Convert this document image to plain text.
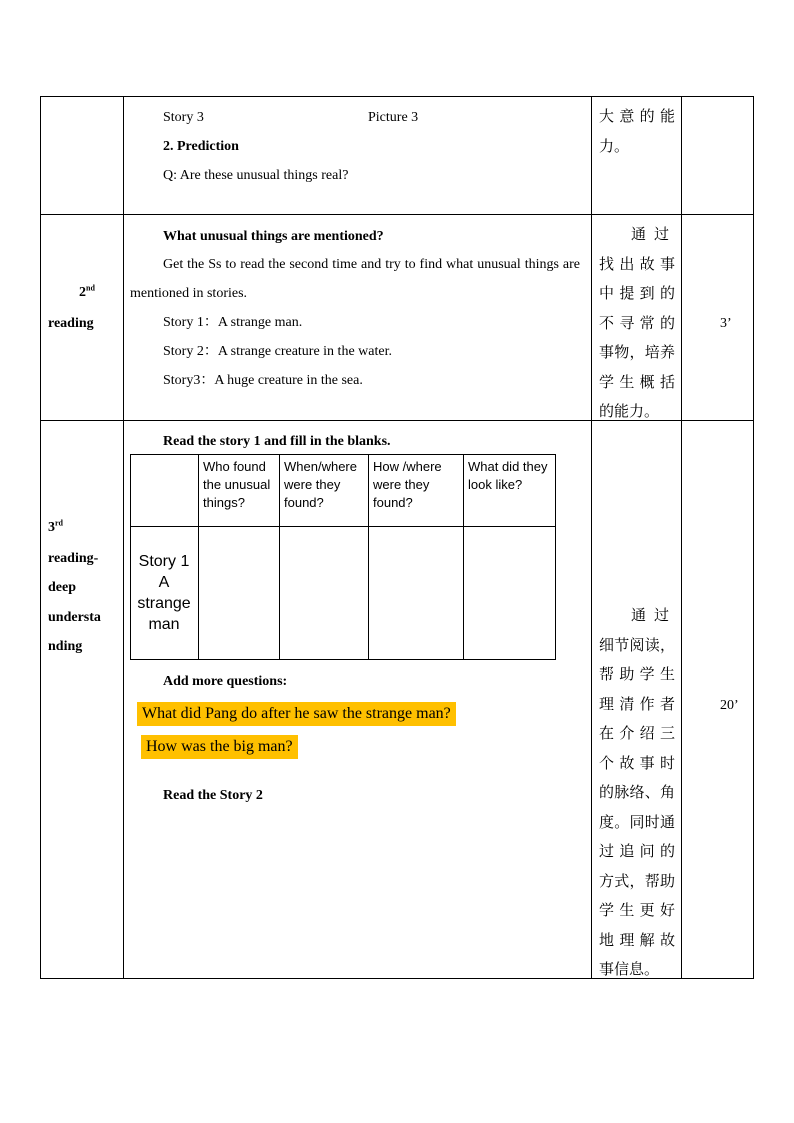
Story 3	Picture 3
2. Prediction
Q: Are these unusual things real?
大意的能
力。
2nd
reading
What unusual things are mentioned?
Get the Ss to read the second time and try to find what unusual things are mentioned in stories.
Story 1：A strange man.
Story 2：A strange creature in the water.
Story3：A huge creature in the sea.
通 过
找出故事
中提到的
不寻常的
事物，培养
学生概括
的能力。
3’
3rd
reading-
deep
understa
nding
Read the story 1 and fill in the blanks.
Who found the unusual things?
When/where were they found?
How /where were they found?
What did they look like?
Story 1 A strange man
Add more questions:
What did Pang do after he saw the strange man?
How was the big man?
Read the Story 2
通 过
细节阅读，
帮助学生
理清作者
在介绍三
个故事时
的脉络、角
度。同时通
过追问的
方式，帮助
学生更好
地理解故
事信息。
20’
